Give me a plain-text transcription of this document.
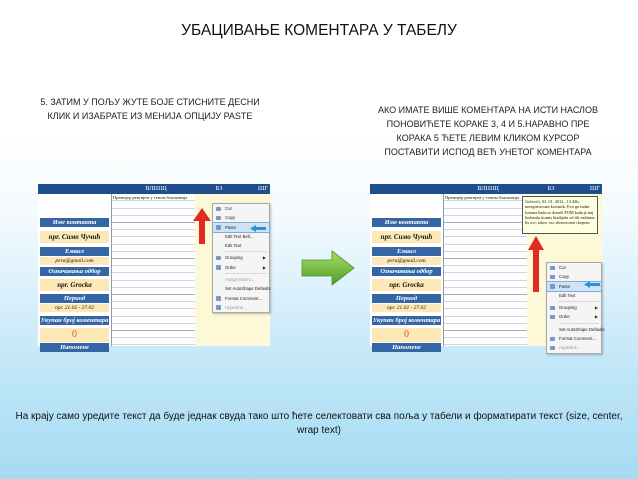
УБАЦИВАЊЕ КОМЕНТАРА У ТАБЕЛУ
5. ЗАТИМ У ПОЉУ ЖУТЕ БОЈЕ СТИСНИТЕ ДЕСНИ КЛИК И ИЗАБРАТЕ ИЗ МЕНИЈА ОПЦИЈУ PASTE
АКО ИМАТЕ ВИШЕ КОМЕНТАРА НА ИСТИ НАСЛОВ ПОНОВИЋЕТЕ КОРАКЕ 3, 4 И 5.НАРАВНО ПРЕ КОРАКА 5 ЋЕТЕ ЛЕВИМ КЛИКОМ КУРСОР ПОСТАВИТИ ИСПОД ВЕЋ УНЕТОГ КОМЕНТАРА
ВЛШЩ	БЗ	ШГ
Име контакта
npr. Симо Чучић
Емаил
pera@gmail.com
Означавања одбор
npr. Grocka
Период
npr. 21.02 - 27.02
Укупан број коментара
0
Напомене
Премијер ректијем у темом бласковија
Cut
Copy
Paste
Edit Text Bell...
Edit Text
Grouping	▶
Order	▶
Assign Macro...
Set AutoShape Defaults
Format Comment...
Hyperlink...
ВЛШЩ	БЗ	ШГ
Име контакта
npr. Симо Чучић
Емаил
pera@gmail.com
Означавања одбор
npr. Grocka
Период
npr. 21.02 - 27.02
Укупан број коментара
0
Напомене
Премијер ректијем у темом бласковија
Grčevići, 03. 01. 2012., 13.43h: neregistrovani korisnik: Evo ga tudae fotoma kada se doneši FOM kada je naj hodnoda ticanis bizdijalu od tih vadimsa lis ovi; tokoc vac shiroviorizi rkepern
Cut
Copy
Paste
Edit Text
Grouping	▶
Order	▶
Set AutoShape Defaults
Format Comment...
Hyperlink...
На крају само уредите текст да буде једнак свуда тако што ћете селектовати сва поља у табели и форматирати текст (size, center, wrap text)
